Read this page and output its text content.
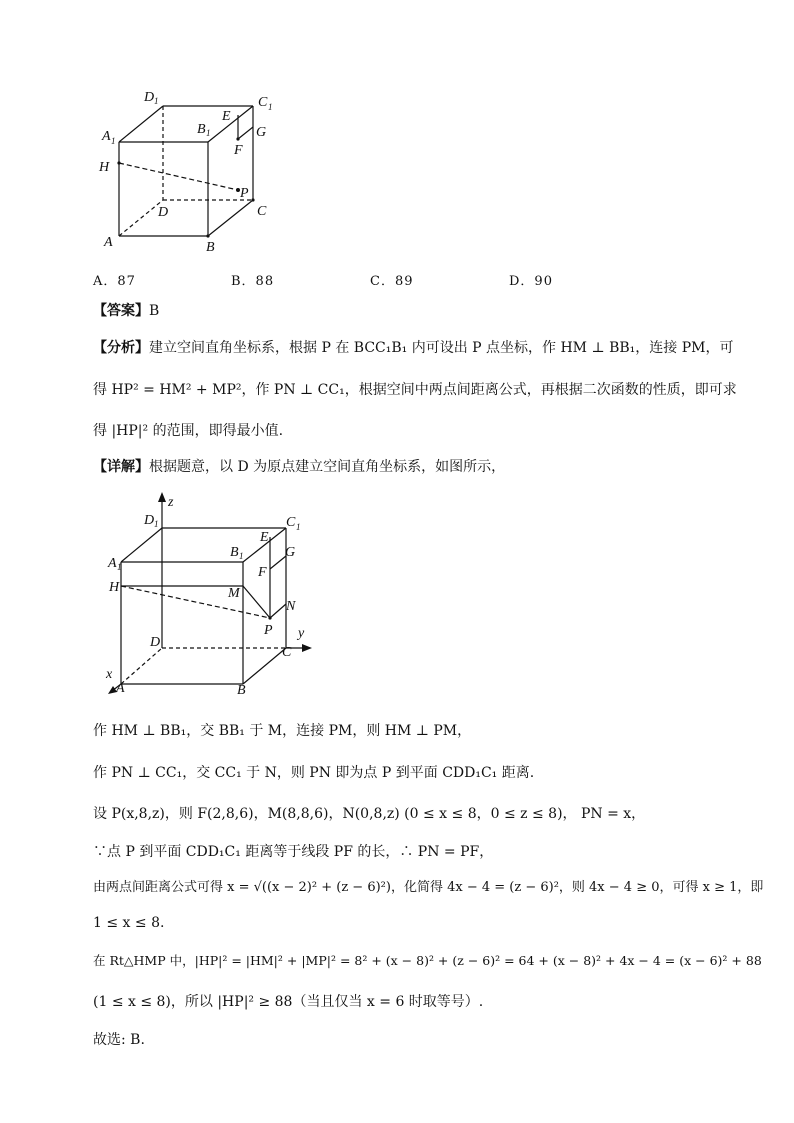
D 1
A 1
B 1
C 1
E
G
F
H
P
D	C
A	B
A．87	B．88	C．89	D．90
【答案】B
【分析】建立空间直角坐标系，根据 P 在 BCC₁B₁ 内可设出 P 点坐标，作 HM ⊥ BB₁，连接 PM，可
得 HP² = HM² + MP²，作 PN ⊥ CC₁，根据空间中两点间距离公式，再根据二次函数的性质，即可求
得 |HP|² 的范围，即得最小值.
【详解】根据题意，以 D 为原点建立空间直角坐标系，如图所示，
z
D 1	C 1
E
G
A 1
B 1
F
H	M
N
P y
D
C
x
A	B
作 HM ⊥ BB₁，交 BB₁ 于 M，连接 PM，则 HM ⊥ PM，
作 PN ⊥ CC₁，交 CC₁ 于 N，则 PN 即为点 P 到平面 CDD₁C₁ 距离.
设 P(x,8,z)，则 F(2,8,6)，M(8,8,6)，N(0,8,z) (0 ≤ x ≤ 8，0 ≤ z ≤ 8)， PN = x，
∵点 P 到平面 CDD₁C₁ 距离等于线段 PF 的长，∴ PN = PF，
由两点间距离公式可得 x = √((x − 2)² + (z − 6)²)，化简得 4x − 4 = (z − 6)²，则 4x − 4 ≥ 0，可得 x ≥ 1，即
1 ≤ x ≤ 8.
在 Rt△HMP 中，|HP|² = |HM|² + |MP|² = 8² + (x − 8)² + (z − 6)² = 64 + (x − 8)² + 4x − 4 = (x − 6)² + 88
(1 ≤ x ≤ 8)，所以 |HP|² ≥ 88（当且仅当 x = 6 时取等号）.
故选: B.
